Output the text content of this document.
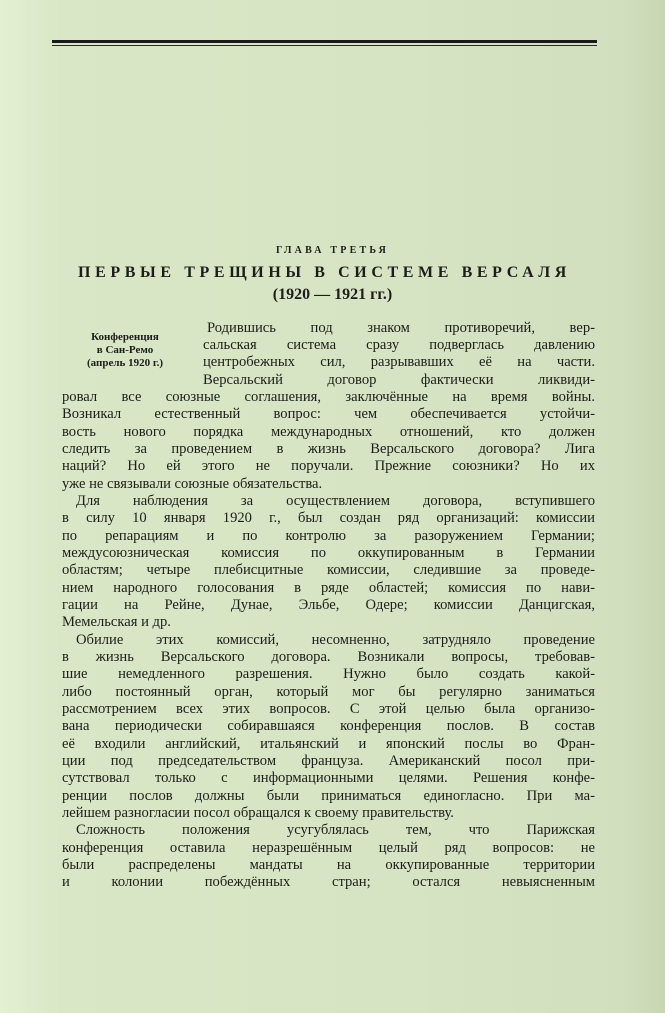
ГЛАВА ТРЕТЬЯ
ПЕРВЫЕ ТРЕЩИНЫ В СИСТЕМЕ ВЕРСАЛЯ
(1920 — 1921 гг.)
Конференция
в Сан-Ремо
(апрель 1920 г.)
Родившись под знаком противоречий, вер-
сальская система сразу подверглась давлению
центробежных сил, разрывавших её на части.
Версальский договор фактически ликвиди-
ровал все союзные соглашения, заключённые на время войны.
Возникал естественный вопрос: чем обеспечивается устойчи-
вость нового порядка международных отношений, кто должен
следить за проведением в жизнь Версальского договора? Лига
наций? Но ей этого не поручали. Прежние союзники? Но их
уже не связывали союзные обязательства.
Для наблюдения за осуществлением договора, вступившего
в силу 10 января 1920 г., был создан ряд организаций: комиссии
по репарациям и по контролю за разоружением Германии;
междусоюзническая комиссия по оккупированным в Германии
областям; четыре плебисцитные комиссии, следившие за проведе-
нием народного голосования в ряде областей; комиссия по нави-
гации на Рейне, Дунае, Эльбе, Одере; комиссии Данцигская,
Мемельская и др.
Обилие этих комиссий, несомненно, затрудняло проведение
в жизнь Версальского договора. Возникали вопросы, требовав-
шие немедленного разрешения. Нужно было создать какой-
либо постоянный орган, который мог бы регулярно заниматься
рассмотрением всех этих вопросов. С этой целью была организо-
вана периодически собиравшаяся конференция послов. В состав
её входили английский, итальянский и японский послы во Фран-
ции под председательством француза. Американский посол при-
сутствовал только с информационными целями. Решения конфе-
ренции послов должны были приниматься единогласно. При ма-
лейшем разногласии посол обращался к своему правительству.
Сложность положения усугублялась тем, что Парижская
конференция оставила неразрешённым целый ряд вопросов: не
были распределены мандаты на оккупированные территории
и колонии побеждённых стран; остался невыясненным
